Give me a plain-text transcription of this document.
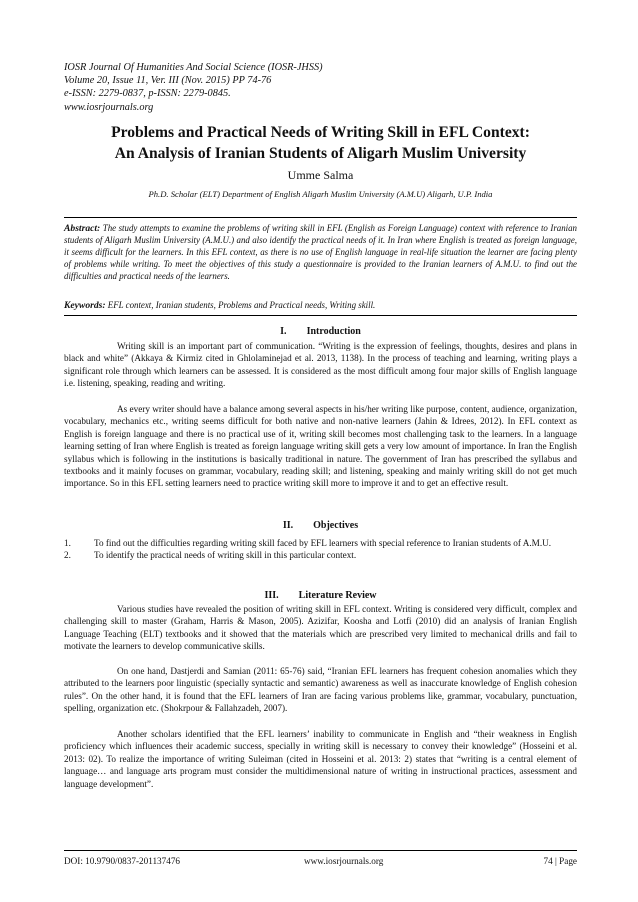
IOSR Journal Of Humanities And Social Science (IOSR-JHSS)
Volume 20, Issue 11, Ver. III (Nov. 2015) PP 74-76
e-ISSN: 2279-0837, p-ISSN: 2279-0845.
www.iosrjournals.org
Problems and Practical Needs of Writing Skill in EFL Context:
An Analysis of Iranian Students of Aligarh Muslim University
Umme Salma
Ph.D. Scholar (ELT) Department of English Aligarh Muslim University (A.M.U) Aligarh, U.P. India
Abstract: The study attempts to examine the problems of writing skill in EFL (English as Foreign Language) context with reference to Iranian students of Aligarh Muslim University (A.M.U.) and also identify the practical needs of it. In Iran where English is treated as foreign language, it seems difficult for the learners. In this EFL context, as there is no use of English language in real-life situation the learner are facing plenty of problems while writing. To meet the objectives of this study a questionnaire is provided to the Iranian learners of A.M.U. to find out the difficulties and practical needs of the learners.
Keywords: EFL context, Iranian students, Problems and Practical needs, Writing skill.
I. Introduction
Writing skill is an important part of communication. “Writing is the expression of feelings, thoughts, desires and plans in black and white” (Akkaya & Kirmiz cited in Ghlolaminejad et al. 2013, 1138). In the process of teaching and learning, writing plays a significant role through which learners can be assessed. It is considered as the most difficult among four major skills of English language i.e. listening, speaking, reading and writing.
As every writer should have a balance among several aspects in his/her writing like purpose, content, audience, organization, vocabulary, mechanics etc., writing seems difficult for both native and non-native learners (Jahin & Idrees, 2012). In EFL context as English is foreign language and there is no practical use of it, writing skill becomes most challenging task to the learners. In a language learning setting of Iran where English is treated as foreign language writing skill gets a very low amount of importance. In Iran the English syllabus which is following in the institutions is basically traditional in nature. The government of Iran has prescribed the syllabus and textbooks and it mainly focuses on grammar, vocabulary, reading skill; and listening, speaking and mainly writing skill do not get much importance. So in this EFL setting learners need to practice writing skill more to improve it and to get an effective result.
II. Objectives
1.	To find out the difficulties regarding writing skill faced by EFL learners with special reference to Iranian students of A.M.U.
2.	To identify the practical needs of writing skill in this particular context.
III. Literature Review
Various studies have revealed the position of writing skill in EFL context. Writing is considered very difficult, complex and challenging skill to master (Graham, Harris & Mason, 2005). Azizifar, Koosha and Lotfi (2010) did an analysis of Iranian English Language Teaching (ELT) textbooks and it showed that the materials which are prescribed very limited to mechanical drills and fail to motivate the learners to develop communicative skills.
On one hand, Dastjerdi and Samian (2011: 65-76) said, “Iranian EFL learners has frequent cohesion anomalies which they attributed to the learners poor linguistic (specially syntactic and semantic) awareness as well as inaccurate knowledge of English cohesion rules”. On the other hand, it is found that the EFL learners of Iran are facing various problems like, grammar, vocabulary, punctuation, spelling, organization etc. (Shokrpour & Fallahzadeh, 2007).
Another scholars identified that the EFL learners’ inability to communicate in English and “their weakness in English proficiency which influences their academic success, specially in writing skill is necessary to convey their knowledge” (Hosseini et al. 2013: 02). To realize the importance of writing Suleiman (cited in Hosseini et al. 2013: 2) states that “writing is a central element of language… and language arts program must consider the multidimensional nature of writing in instructional practices, assessment and language development”.
DOI: 10.9790/0837-201137476	www.iosrjournals.org	74 | Page
